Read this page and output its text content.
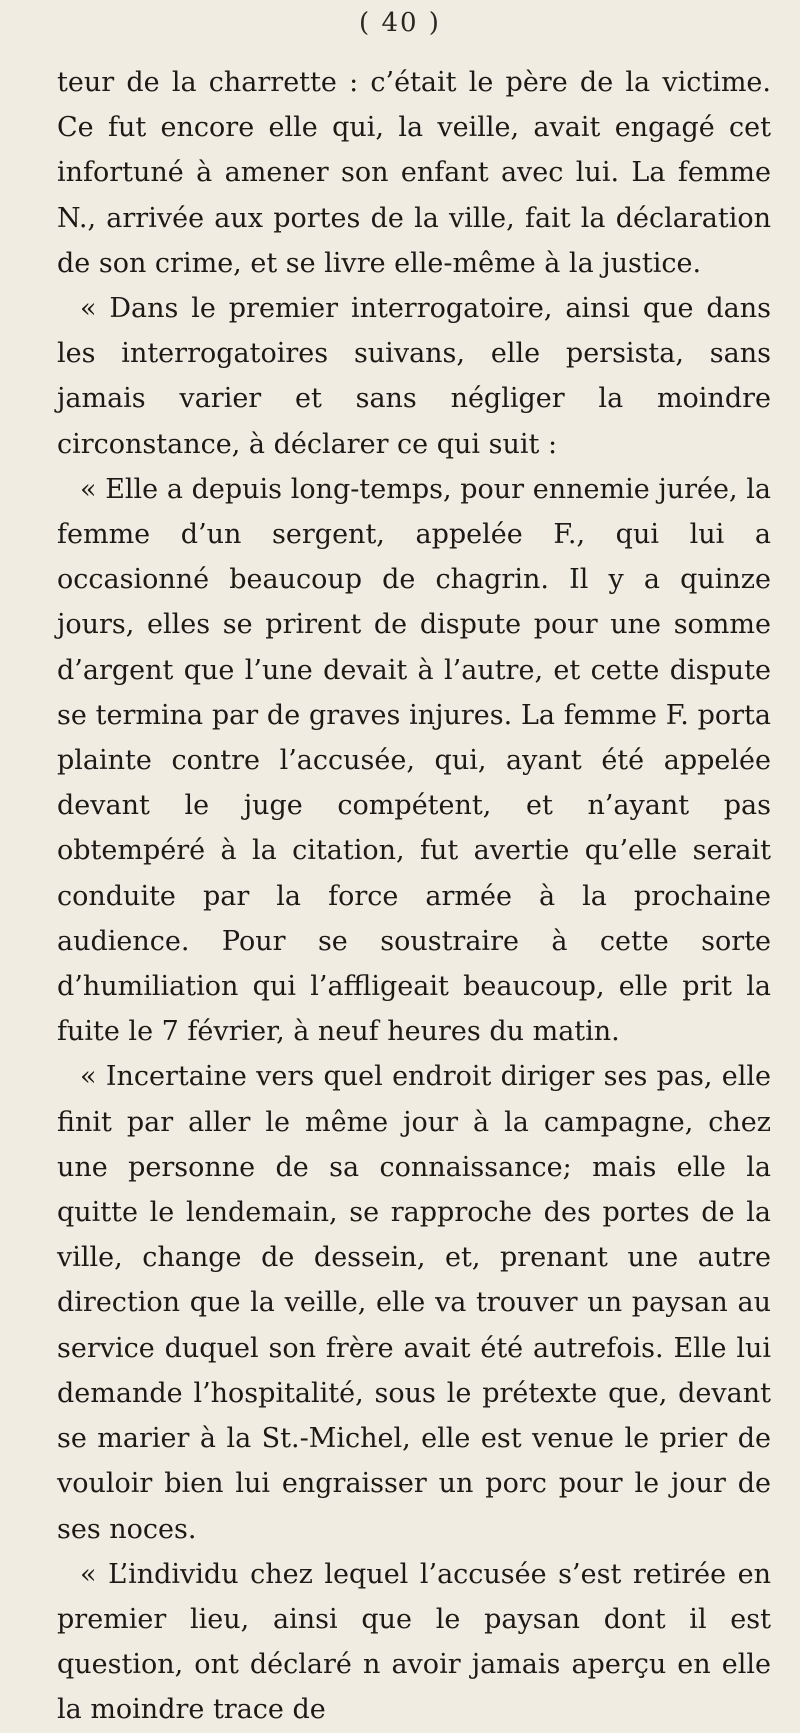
( 40 )

teur de la charrette : c’était le père de la victime. Ce fut encore elle qui, la veille, avait engagé cet infortuné à amener son enfant avec lui. La femme N., arrivée aux portes de la ville, fait la déclaration de son crime, et se livre elle-même à la justice.

« Dans le premier interrogatoire, ainsi que dans les interrogatoires suivans, elle persista, sans jamais varier et sans négliger la moindre circonstance, à déclarer ce qui suit :

« Elle a depuis long-temps, pour ennemie jurée, la femme d’un sergent, appelée F., qui lui a occasionné beaucoup de chagrin. Il y a quinze jours, elles se prirent de dispute pour une somme d’argent que l’une devait à l’autre, et cette dispute se termina par de graves injures. La femme F. porta plainte contre l’accusée, qui, ayant été appelée devant le juge compétent, et n’ayant pas obtempéré à la citation, fut avertie qu’elle serait conduite par la force armée à la prochaine audience. Pour se soustraire à cette sorte d’humiliation qui l’affligeait beaucoup, elle prit la fuite le 7 février, à neuf heures du matin.

« Incertaine vers quel endroit diriger ses pas, elle finit par aller le même jour à la campagne, chez une personne de sa connaissance; mais elle la quitte le lendemain, se rapproche des portes de la ville, change de dessein, et, prenant une autre direction que la veille, elle va trouver un paysan au service duquel son frère avait été autrefois. Elle lui demande l’hospitalité, sous le prétexte que, devant se marier à la St.-Michel, elle est venue le prier de vouloir bien lui engraisser un porc pour le jour de ses noces.

« L’individu chez lequel l’accusée s’est retirée en premier lieu, ainsi que le paysan dont il est question, ont déclaré n avoir jamais aperçu en elle la moindre trace de
